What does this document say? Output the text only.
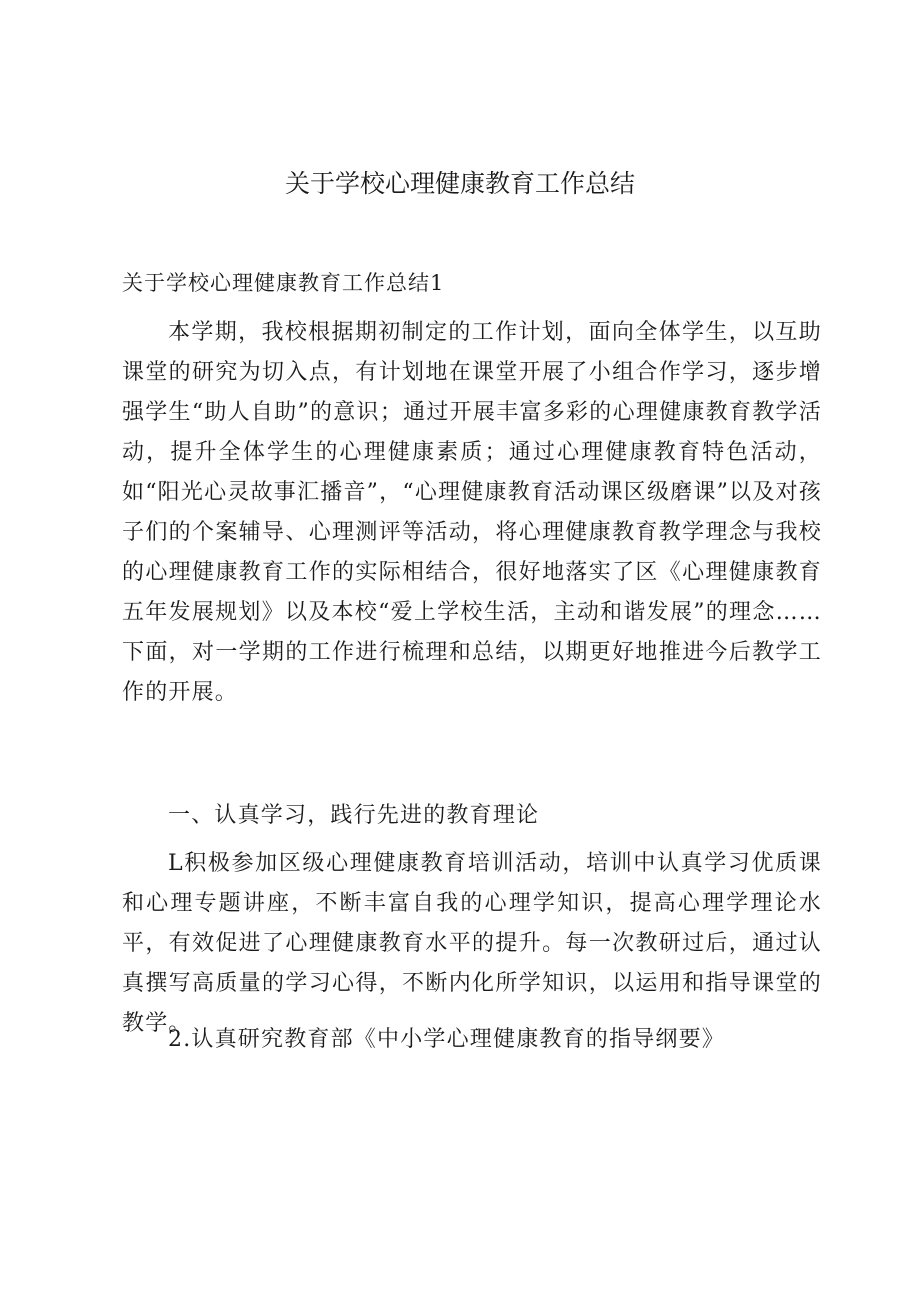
关于学校心理健康教育工作总结
关于学校心理健康教育工作总结1

本学期，我校根据期初制定的工作计划，面向全体学生，以互助课堂的研究为切入点，有计划地在课堂开展了小组合作学习，逐步增强学生“助人自助”的意识；通过开展丰富多彩的心理健康教育教学活动，提升全体学生的心理健康素质；通过心理健康教育特色活动，如“阳光心灵故事汇播音”，“心理健康教育活动课区级磨课”以及对孩子们的个案辅导、心理测评等活动，将心理健康教育教学理念与我校的心理健康教育工作的实际相结合，很好地落实了区《心理健康教育五年发展规划》以及本校“爱上学校生活，主动和谐发展”的理念……下面，对一学期的工作进行梳理和总结，以期更好地推进今后教学工作的开展。

一、认真学习，践行先进的教育理论

L积极参加区级心理健康教育培训活动，培训中认真学习优质课和心理专题讲座，不断丰富自我的心理学知识，提高心理学理论水平，有效促进了心理健康教育水平的提升。每一次教研过后，通过认真撰写高质量的学习心得，不断内化所学知识，以运用和指导课堂的教学。

2.认真研究教育部《中小学心理健康教育的指导纲要》
